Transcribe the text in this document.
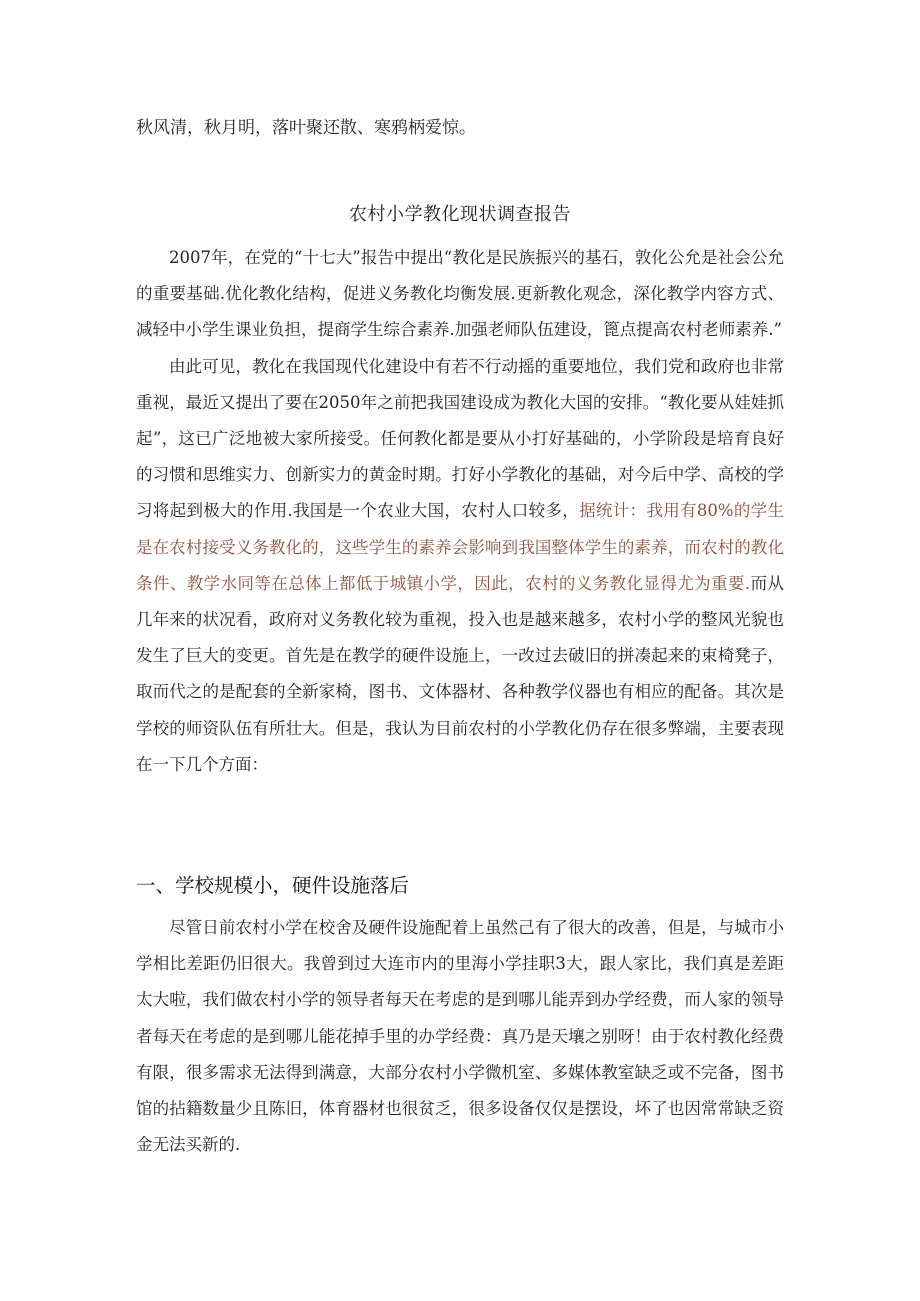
秋风清，秋月明，落叶聚还散、寒鸦柄爱惊。
农村小学教化现状调查报告

2007年，在党的“十七大”报告中提出“教化是民族振兴的基石，敦化公允是社会公允的重要基础.优化教化结构，促进义务教化均衡发展.更新教化观念，深化教学内容方式、减轻中小学生课业负担，提商学生综合素养.加强老师队伍建设，篦点提高农村老师素养.”

由此可见，教化在我国现代化建设中有若不行动摇的重要地位，我们党和政府也非常重视，最近又提出了要在2050年之前把我国建设成为教化大国的安排。“教化要从娃娃抓起”，这已广泛地被大家所接受。任何教化都是要从小打好基础的，小学阶段是培育良好的习惯和思维实力、创新实力的黄金时期。打好小学教化的基础，对今后中学、高校的学习将起到极大的作用.我国是一个农业大国，农村人口较多，据统计：我用有80%的学生是在农村接受义务教化的，这些学生的素养会影响到我国整体学生的素养，而农村的教化条件、教学水同等在总体上都低于城镇小学，因此，农村的义务教化显得尤为重要.而从几年来的状况看，政府对义务教化较为重视，投入也是越来越多，农村小学的整风光貌也发生了巨大的变更。首先是在教学的硬件设施上，一改过去破旧的拼凑起来的束椅凳子，取而代之的是配套的全新家椅，图书、文体器材、各种教学仪器也有相应的配备。其次是学校的师资队伍有所壮大。但是，我认为目前农村的小学教化仍存在很多弊端，主要表现在一下几个方面：

一、学校规模小，硬件设施落后

尽管日前农村小学在校舍及硬件设施配着上虽然己有了很大的改善，但是，与城市小学相比差距仍旧很大。我曾到过大连市内的里海小学挂职3大，跟人家比，我们真是差距太大啦，我们做农村小学的领导者每天在考虑的是到哪儿能弄到办学经费，而人家的领导者每天在考虑的是到哪儿能花掉手里的办学经费：真乃是天壤之别呀！由于农村教化经费有限，很多需求无法得到满意，大部分农村小学微机室、多媒体教室缺乏或不完备，图书馆的拈籍数量少且陈旧，体育器材也很贫乏，很多设备仅仅是摆设，坏了也因常常缺乏资金无法买新的.
